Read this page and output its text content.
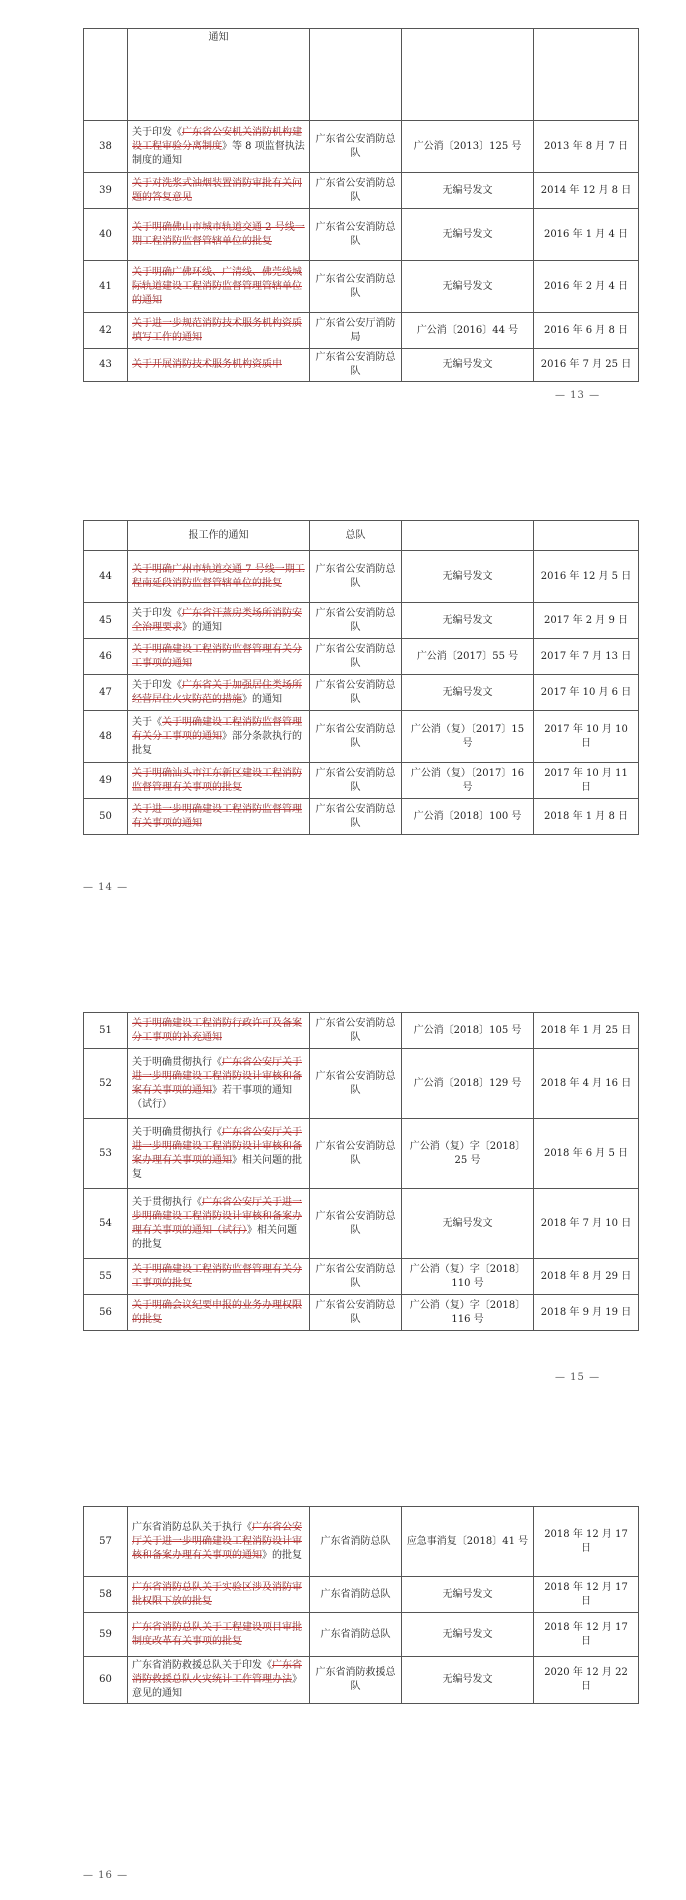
	通知			
38	关于印发《广东省公安机关消防机构建设工程审验分离制度》等 8 项监督执法制度的通知	广东省公安消防总队	广公消〔2013〕125 号	2013 年 8 月 7 日
39	关于对洗浆式油烟装置消防审批有关问题的答复意见	广东省公安消防总队	无编号发文	2014 年 12 月 8 日
40	关于明确佛山市城市轨道交通 2 号线一期工程消防监督管辖单位的批复	广东省公安消防总队	无编号发文	2016 年 1 月 4 日
41	关于明确广佛环线、广清线、佛莞线城际轨道建设工程消防监督管理管辖单位的通知	广东省公安消防总队	无编号发文	2016 年 2 月 4 日
42	关于进一步规范消防技术服务机构资质填写工作的通知	广东省公安厅消防局	广公消〔2016〕44 号	2016 年 6 月 8 日
43	关于开展消防技术服务机构资质申	广东省公安消防总队	无编号发文	2016 年 7 月 25 日
— 13 —
	报工作的通知	总队		
44	关于明确广州市轨道交通 7 号线一期工程南延段消防监督管辖单位的批复	广东省公安消防总队	无编号发文	2016 年 12 月 5 日
45	关于印发《广东省汗蒸房类场所消防安全治理要求》的通知	广东省公安消防总队	无编号发文	2017 年 2 月 9 日
46	关于明确建设工程消防监督管理有关分工事项的通知	广东省公安消防总队	广公消〔2017〕55 号	2017 年 7 月 13 日
47	关于印发《广东省关于加强居住类场所经营居住火灾防范的措施》的通知	广东省公安消防总队	无编号发文	2017 年 10 月 6 日
48	关于《关于明确建设工程消防监督管理有关分工事项的通知》部分条款执行的批复	广东省公安消防总队	广公消（复）〔2017〕15 号	2017 年 10 月 10 日
49	关于明确汕头市江东新区建设工程消防监督管理有关事项的批复	广东省公安消防总队	广公消（复）〔2017〕16 号	2017 年 10 月 11 日
50	关于进一步明确建设工程消防监督管理有关事项的通知	广东省公安消防总队	广公消〔2018〕100 号	2018 年 1 月 8 日
— 14 —
51	关于明确建设工程消防行政许可及备案分工事项的补充通知	广东省公安消防总队	广公消〔2018〕105 号	2018 年 1 月 25 日
52	关于明确贯彻执行《广东省公安厅关于进一步明确建设工程消防设计审核和备案有关事项的通知》若干事项的通知（试行）	广东省公安消防总队	广公消〔2018〕129 号	2018 年 4 月 16 日
53	关于明确贯彻执行《广东省公安厅关于进一步明确建设工程消防设计审核和备案办理有关事项的通知》相关问题的批复	广东省公安消防总队	广公消（复）字〔2018〕25 号	2018 年 6 月 5 日
54	关于贯彻执行《广东省公安厅关于进一步明确建设工程消防设计审核和备案办理有关事项的通知（试行）》相关问题的批复	广东省公安消防总队	无编号发文	2018 年 7 月 10 日
55	关于明确建设工程消防监督管理有关分工事项的批复	广东省公安消防总队	广公消（复）字〔2018〕110 号	2018 年 8 月 29 日
56	关于明确会议纪要申报的业务办理权限的批复	广东省公安消防总队	广公消（复）字〔2018〕116 号	2018 年 9 月 19 日
— 15 —
57	广东省消防总队关于执行《广东省公安厅关于进一步明确建设工程消防设计审核和备案办理有关事项的通知》的批复	广东省消防总队	应急事消复〔2018〕41 号	2018 年 12 月 17 日
58	广东省消防总队关于实验区涉及消防审批权限下放的批复	广东省消防总队	无编号发文	2018 年 12 月 17 日
59	广东省消防总队关于工程建设项目审批制度改革有关事项的批复	广东省消防总队	无编号发文	2018 年 12 月 17 日
60	广东省消防救援总队关于印发《广东省消防救援总队火灾统计工作管理办法》意见的通知	广东省消防救援总队	无编号发文	2020 年 12 月 22 日
— 16 —
